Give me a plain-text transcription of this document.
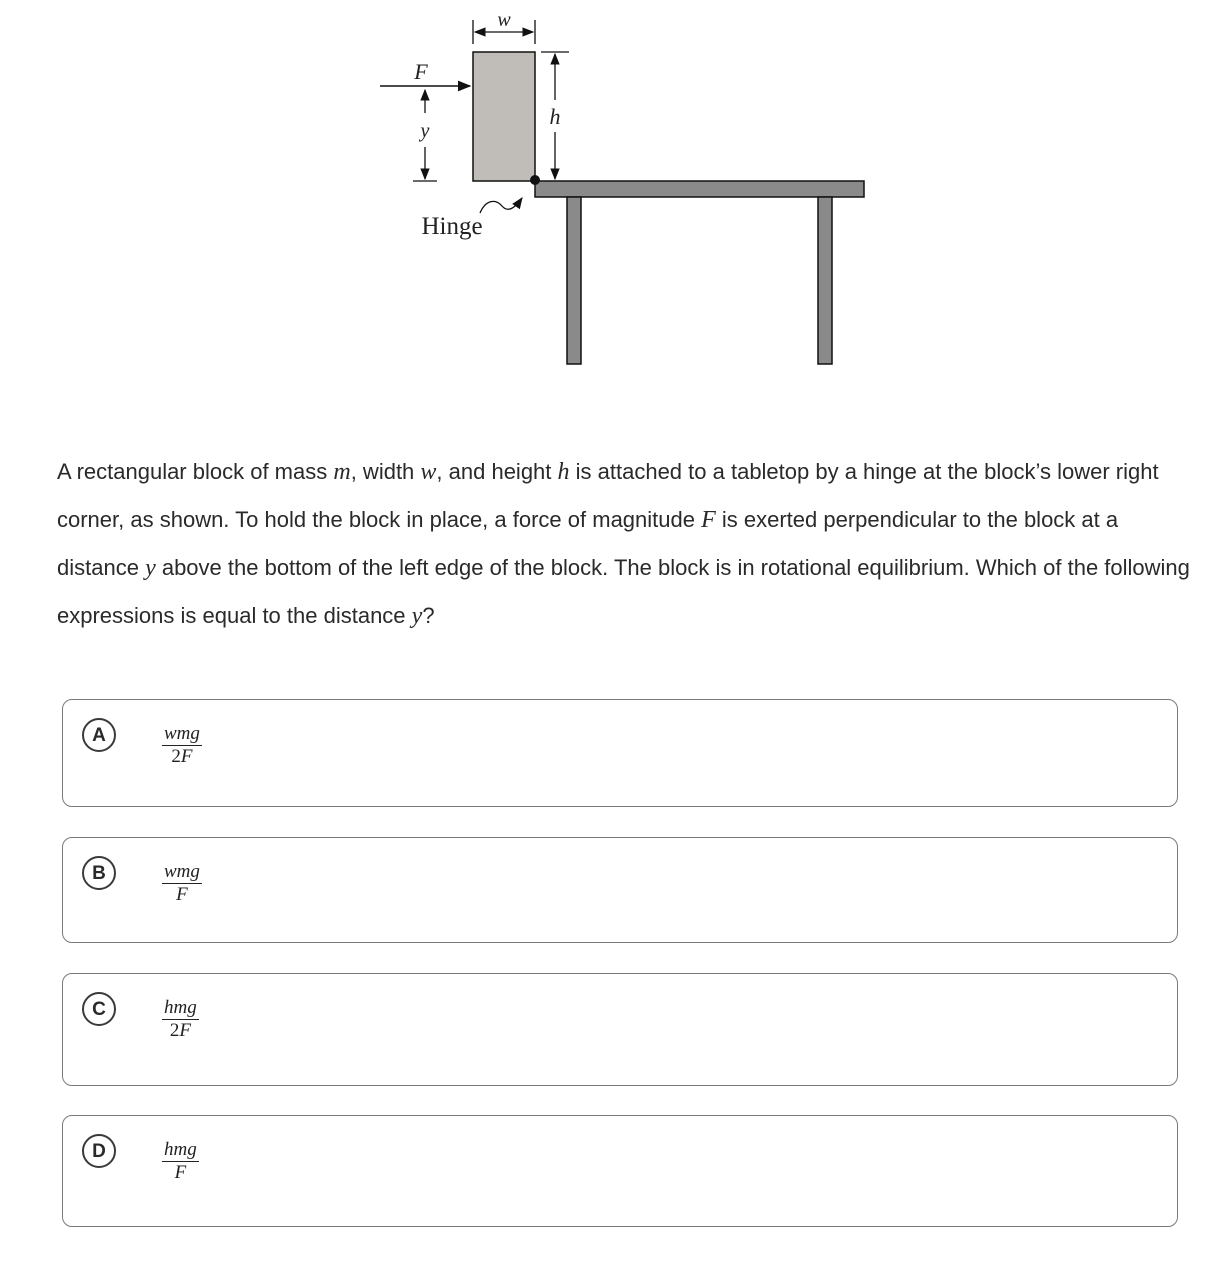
w
F
y
h
Hinge
A rectangular block of mass m, width w, and height h is attached to a tabletop by a hinge at the block’s lower right corner, as shown. To hold the block in place, a force of magnitude F is exerted perpendicular to the block at a distance y above the bottom of the left edge of the block. The block is in rotational equilibrium. Which of the following expressions is equal to the distance y?
A	wmg
2F
B	wmg
F
C	hmg
2F
D	hmg
F
